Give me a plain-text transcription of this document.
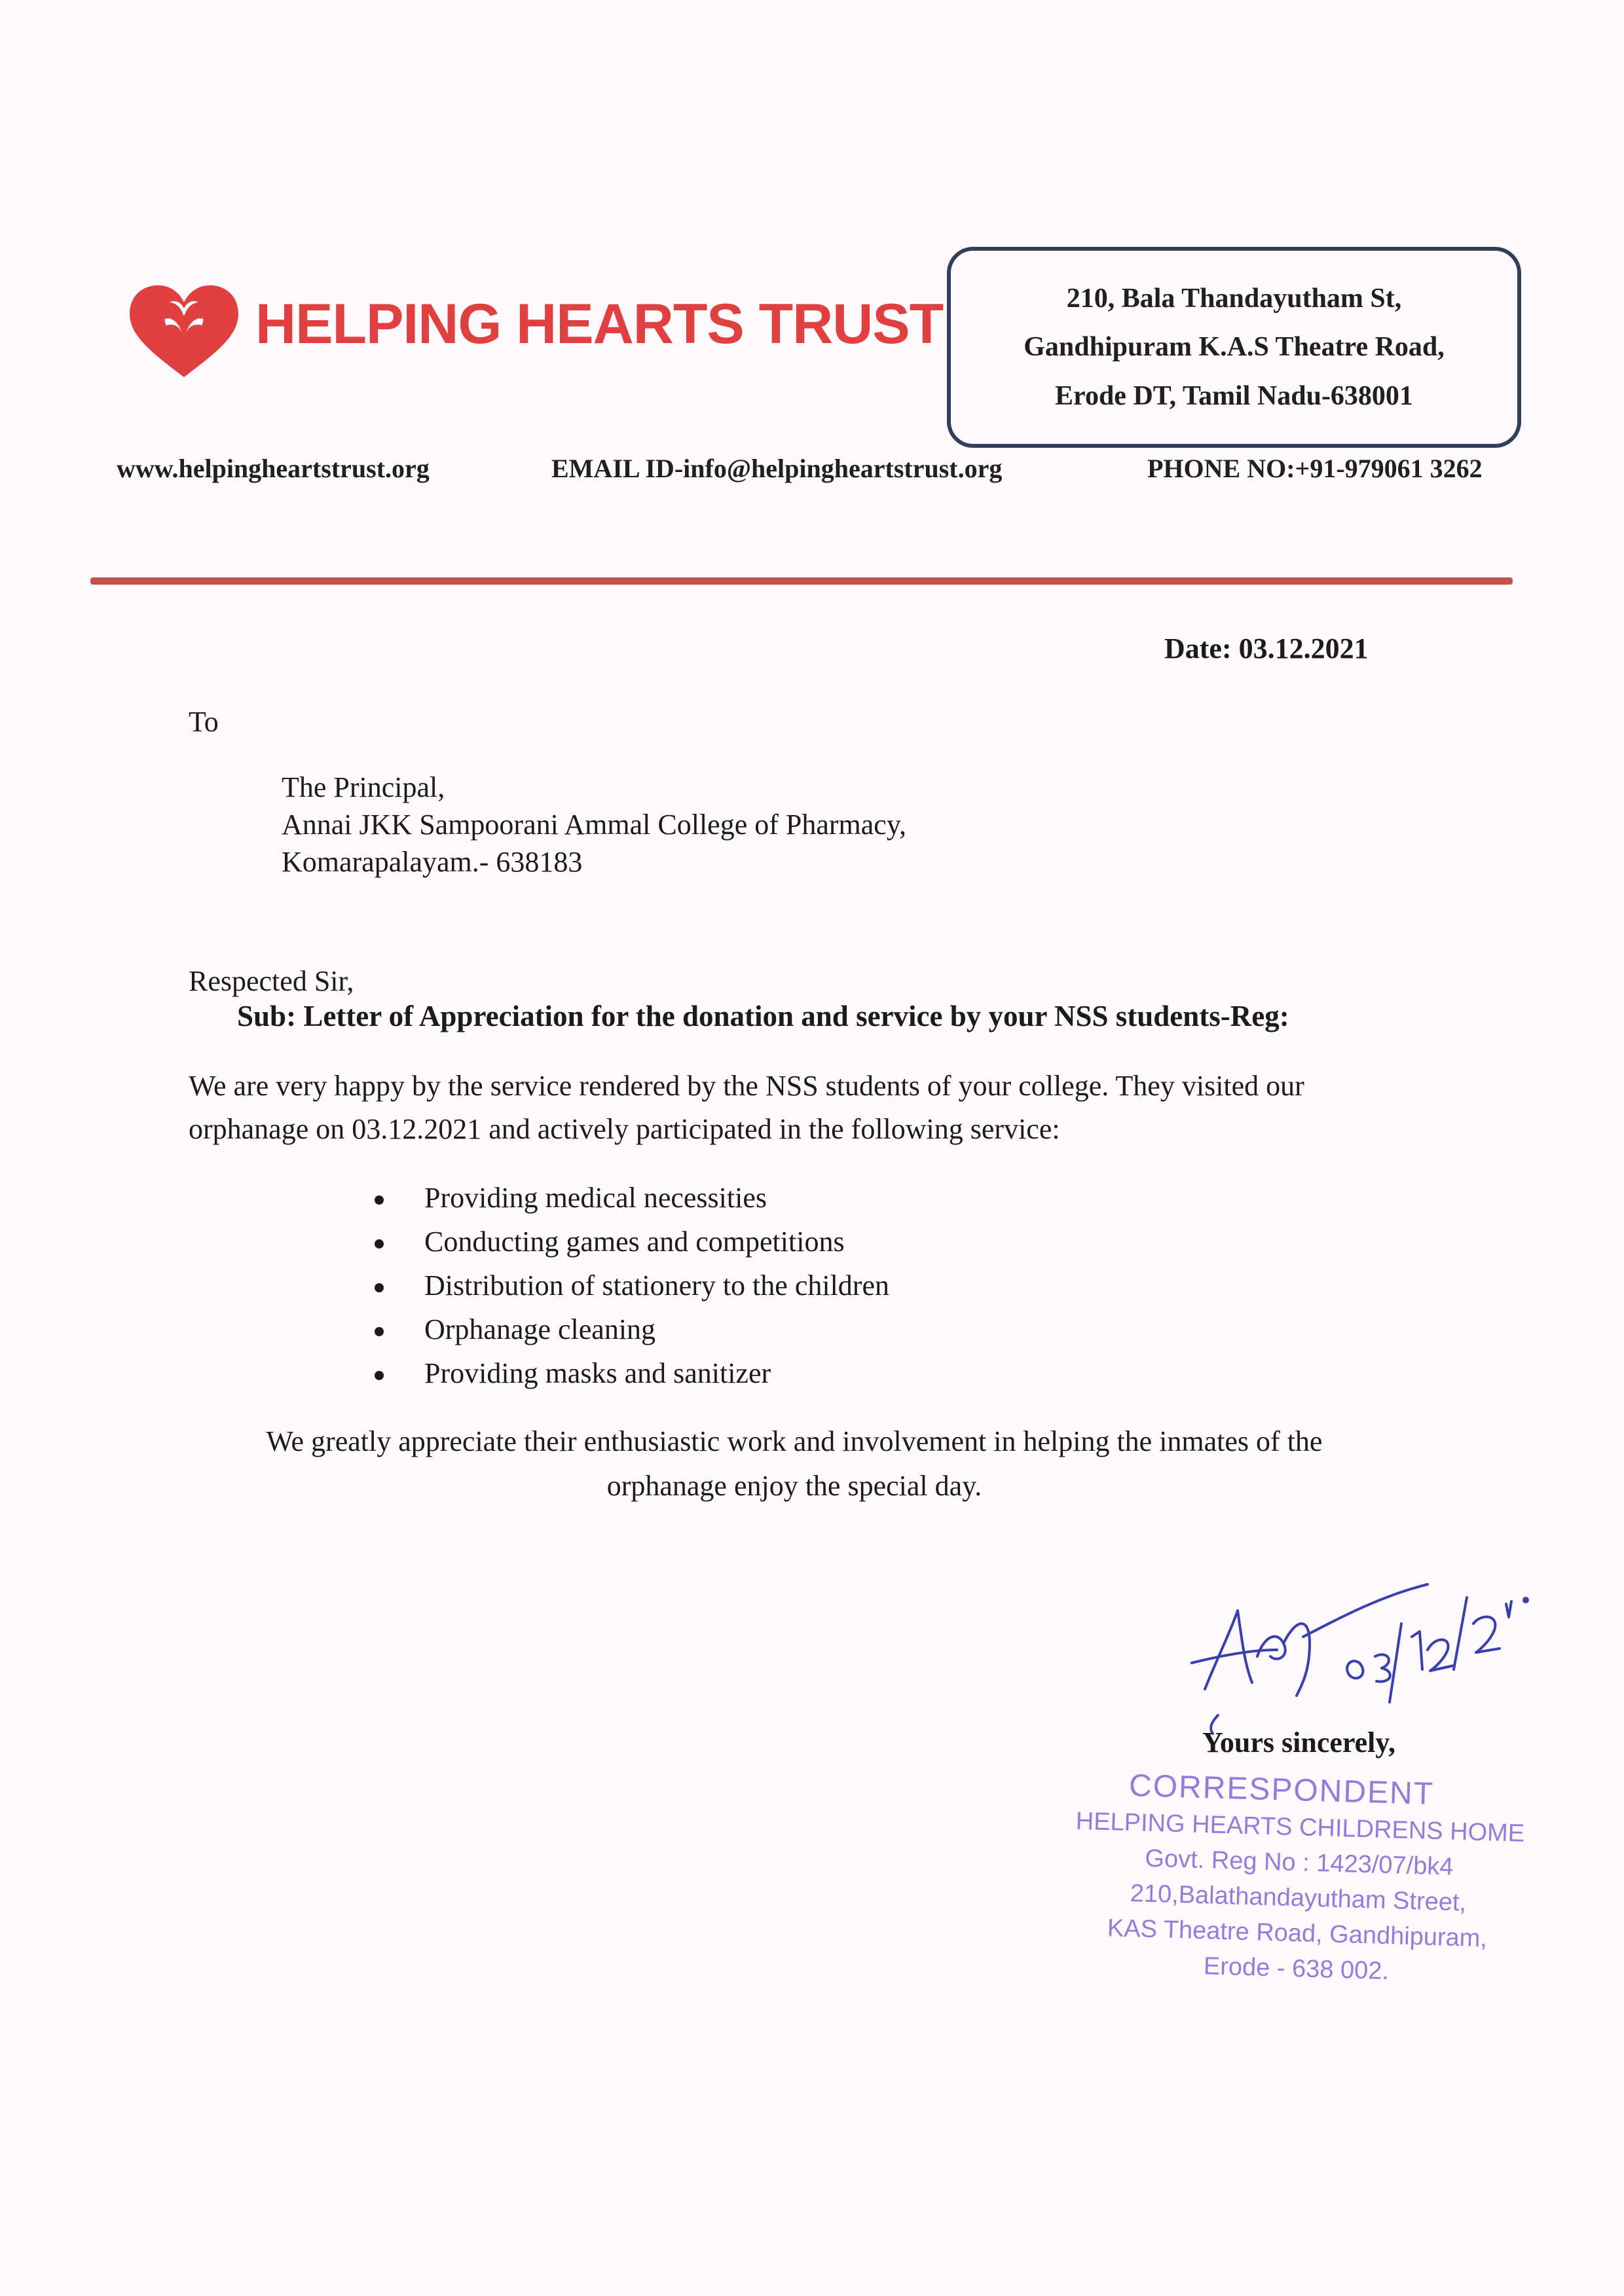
HELPING HEARTS TRUST	210, Bala Thandayutham St,
Gandhipuram K.A.S Theatre Road,
Erode DT, Tamil Nadu-638001
www.helpingheartstrust.org	EMAIL ID-info@helpingheartstrust.org	PHONE NO:+91-979061 3262
Date: 03.12.2021
To
The Principal,
Annai JKK Sampoorani Ammal College of Pharmacy,
Komarapalayam.- 638183
Respected Sir,
Sub: Letter of Appreciation for the donation and service by your NSS students-Reg:
We are very happy by the service rendered by the NSS students of your college. They visited our
orphanage on 03.12.2021 and actively participated in the following service:
Providing medical necessities
Conducting games and competitions
Distribution of stationery to the children
Orphanage cleaning
Providing masks and sanitizer
We greatly appreciate their enthusiastic work and involvement in helping the inmates of the
orphanage enjoy the special day.
Yours sincerely,
CORRESPONDENT
HELPING HEARTS CHILDRENS HOME
Govt. Reg No : 1423/07/bk4
210,Balathandayutham Street,
KAS Theatre Road, Gandhipuram,
Erode - 638 002.
